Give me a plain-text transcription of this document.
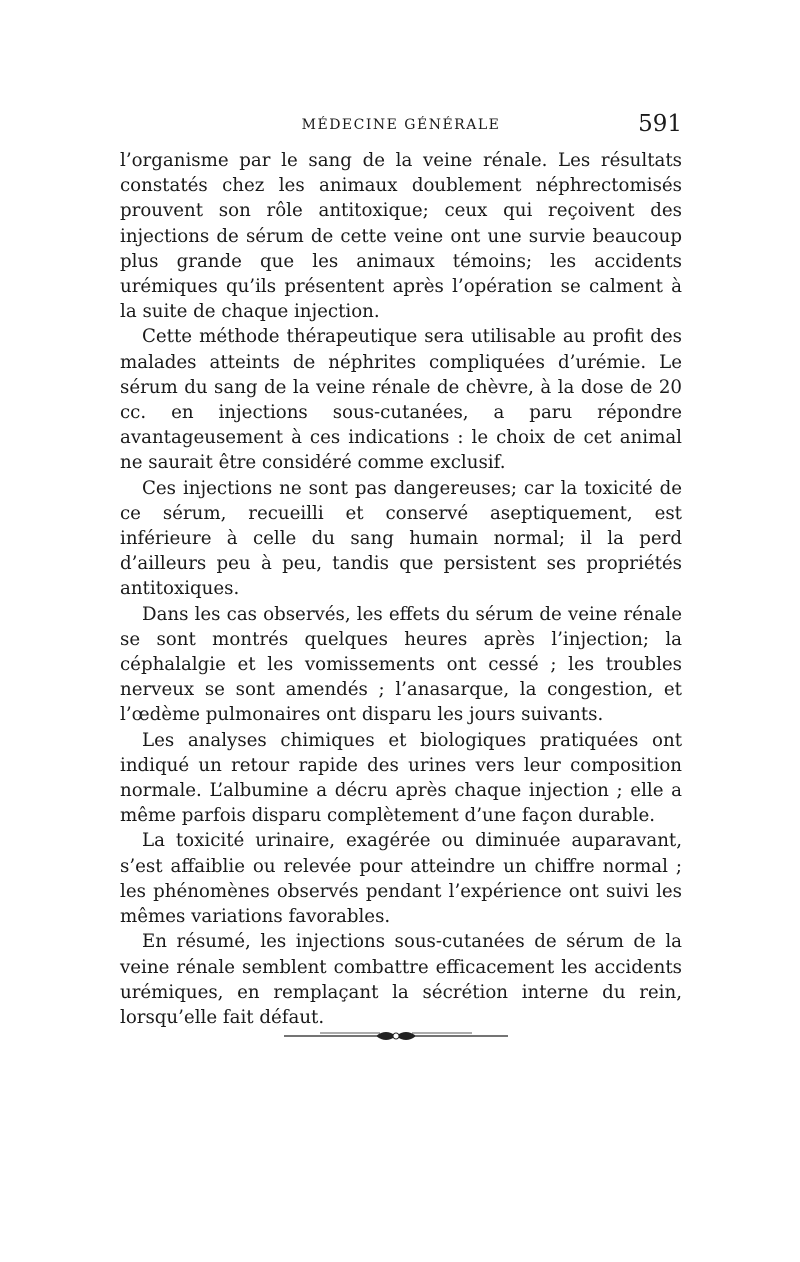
MÉDECINE GÉNÉRALE	591

l’organisme par le sang de la veine rénale. Les résultats constatés chez les animaux doublement néphrectomisés prouvent son rôle antitoxique; ceux qui reçoivent des injections de sérum de cette veine ont une survie beaucoup plus grande que les animaux témoins; les accidents urémiques qu’ils présentent après l’opération se calment à la suite de chaque injection.

Cette méthode thérapeutique sera utilisable au profit des malades atteints de néphrites compliquées d’urémie. Le sérum du sang de la veine rénale de chèvre, à la dose de 20 cc. en injections sous-cutanées, a paru répondre avantageusement à ces indications : le choix de cet animal ne saurait être considéré comme exclusif.

Ces injections ne sont pas dangereuses; car la toxicité de ce sérum, recueilli et conservé aseptiquement, est inférieure à celle du sang humain normal; il la perd d’ailleurs peu à peu, tandis que persistent ses propriétés antitoxiques.

Dans les cas observés, les effets du sérum de veine rénale se sont montrés quelques heures après l’injection; la céphalalgie et les vomissements ont cessé ; les troubles nerveux se sont amendés ; l’anasarque, la congestion, et l’œdème pulmonaires ont disparu les jours suivants.

Les analyses chimiques et biologiques pratiquées ont indiqué un retour rapide des urines vers leur composition normale. L’albumine a décru après chaque injection ; elle a même parfois disparu complètement d’une façon durable.

La toxicité urinaire, exagérée ou diminuée auparavant, s’est affaiblie ou relevée pour atteindre un chiffre normal ; les phénomènes observés pendant l’expérience ont suivi les mêmes variations favorables.

En résumé, les injections sous-cutanées de sérum de la veine rénale semblent combattre efficacement les accidents urémiques, en remplaçant la sécrétion interne du rein, lorsqu’elle fait défaut.
